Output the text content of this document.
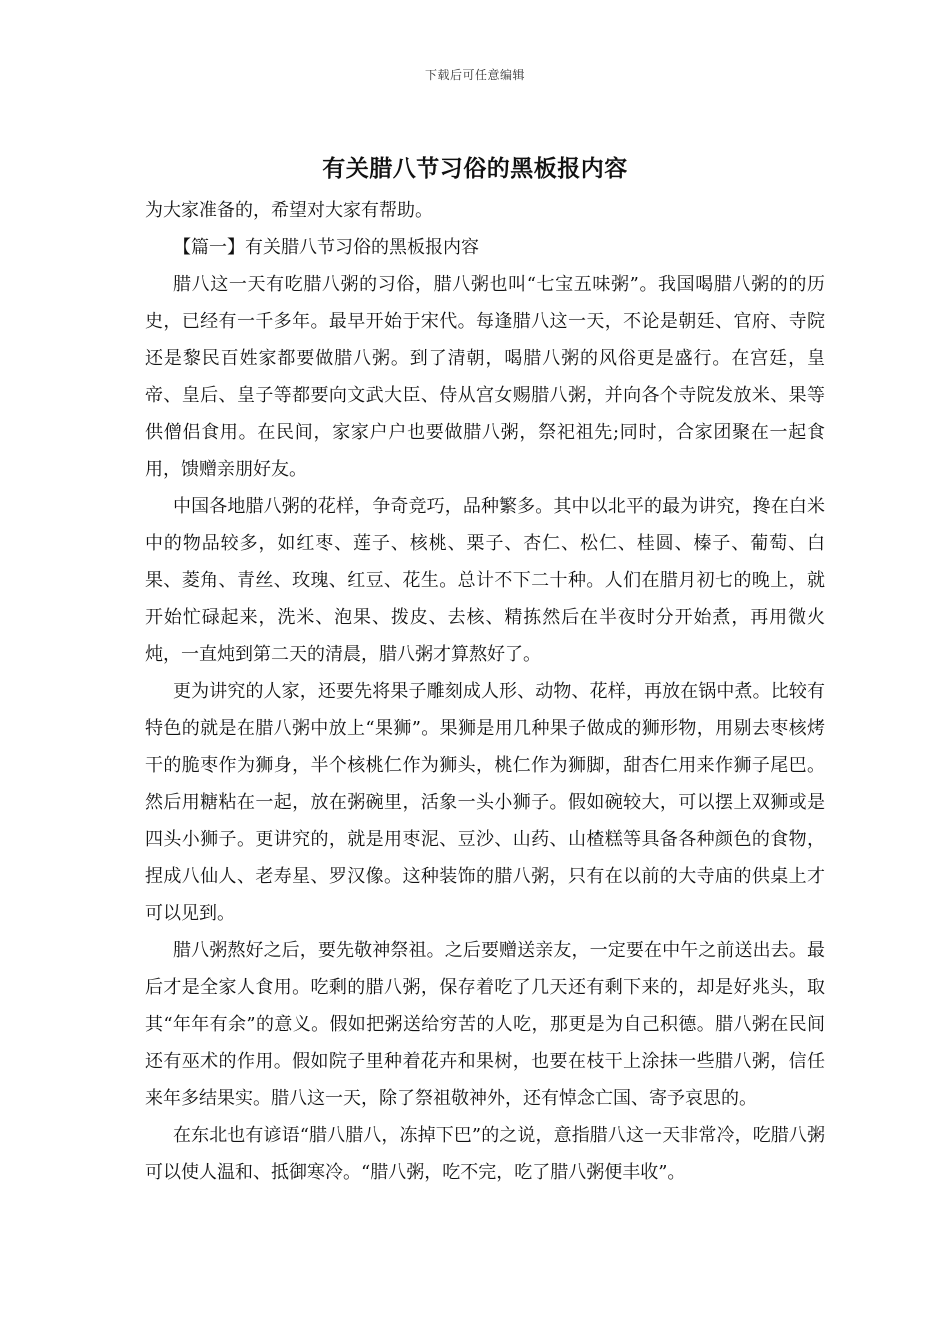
下载后可任意编辑
有关腊八节习俗的黑板报内容

为大家准备的，希望对大家有帮助。

【篇一】有关腊八节习俗的黑板报内容

腊八这一天有吃腊八粥的习俗，腊八粥也叫“七宝五味粥”。我国喝腊八粥的的历史，已经有一千多年。最早开始于宋代。每逢腊八这一天，不论是朝廷、官府、寺院还是黎民百姓家都要做腊八粥。到了清朝，喝腊八粥的风俗更是盛行。在宫廷，皇帝、皇后、皇子等都要向文武大臣、侍从宫女赐腊八粥，并向各个寺院发放米、果等供僧侣食用。在民间，家家户户也要做腊八粥，祭祀祖先;同时，合家团聚在一起食用，馈赠亲朋好友。

中国各地腊八粥的花样，争奇竞巧，品种繁多。其中以北平的最为讲究，搀在白米中的物品较多，如红枣、莲子、核桃、栗子、杏仁、松仁、桂圆、榛子、葡萄、白果、菱角、青丝、玫瑰、红豆、花生。总计不下二十种。人们在腊月初七的晚上，就开始忙碌起来，洗米、泡果、拨皮、去核、精拣然后在半夜时分开始煮，再用微火炖，一直炖到第二天的清晨，腊八粥才算熬好了。

更为讲究的人家，还要先将果子雕刻成人形、动物、花样，再放在锅中煮。比较有特色的就是在腊八粥中放上“果狮”。果狮是用几种果子做成的狮形物，用剔去枣核烤干的脆枣作为狮身，半个核桃仁作为狮头，桃仁作为狮脚，甜杏仁用来作狮子尾巴。然后用糖粘在一起，放在粥碗里，活象一头小狮子。假如碗较大，可以摆上双狮或是四头小狮子。更讲究的，就是用枣泥、豆沙、山药、山楂糕等具备各种颜色的食物，捏成八仙人、老寿星、罗汉像。这种装饰的腊八粥，只有在以前的大寺庙的供桌上才可以见到。

腊八粥熬好之后，要先敬神祭祖。之后要赠送亲友，一定要在中午之前送出去。最后才是全家人食用。吃剩的腊八粥，保存着吃了几天还有剩下来的，却是好兆头，取其“年年有余”的意义。假如把粥送给穷苦的人吃，那更是为自己积德。腊八粥在民间还有巫术的作用。假如院子里种着花卉和果树，也要在枝干上涂抹一些腊八粥，信任来年多结果实。腊八这一天，除了祭祖敬神外，还有悼念亡国、寄予哀思的。

在东北也有谚语“腊八腊八，冻掉下巴”的之说，意指腊八这一天非常冷，吃腊八粥可以使人温和、抵御寒冷。“腊八粥，吃不完，吃了腊八粥便丰收”。
